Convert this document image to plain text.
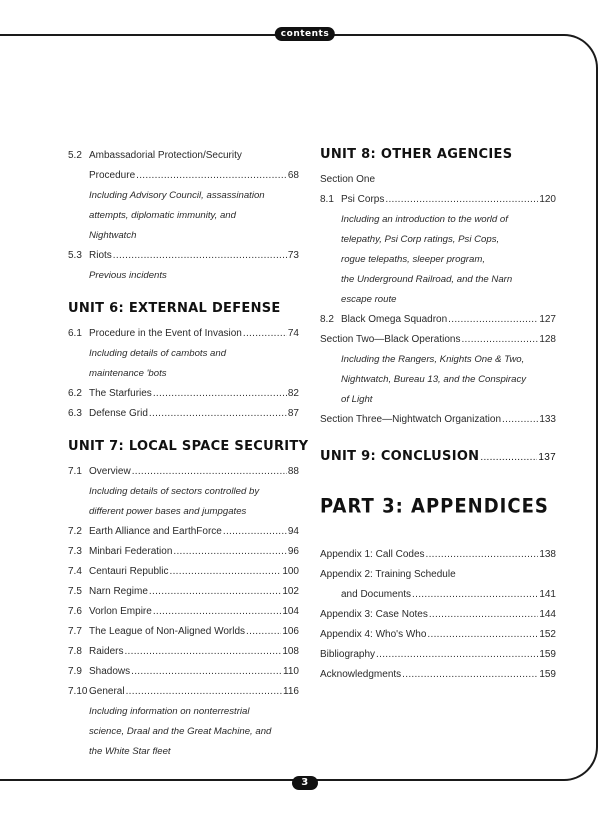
contents
5.2 Ambassadorial Protection/Security
Procedure .....	68
Including Advisory Council, assassination
attempts, diplomatic immunity, and
Nightwatch
5.3 Riots .....	73
Previous incidents
UNIT 6: EXTERNAL DEFENSE
6.1 Procedure in the Event of Invasion .....	74
Including details of cambots and
maintenance 'bots
6.2 The Starfuries .....	82
6.3 Defense Grid .....	87
UNIT 7: LOCAL SPACE SECURITY
7.1 Overview .....	88
Including details of sectors controlled by
different power bases and jumpgates
7.2 Earth Alliance and EarthForce .....	94
7.3 Minbari Federation .....	96
7.4 Centauri Republic .....	100
7.5 Narn Regime .....	102
7.6 Vorlon Empire .....	104
7.7 The League of Non-Aligned Worlds .....	106
7.8 Raiders .....	108
7.9 Shadows .....	110
7.10 General .....	116
Including information on nonterrestrial
science, Draal and the Great Machine, and
the White Star fleet
UNIT 8: OTHER AGENCIES
Section One
8.1 Psi Corps .....	120
Including an introduction to the world of
telepathy, Psi Corp ratings, Psi Cops,
rogue telepaths, sleeper program,
the Underground Railroad, and the Narn
escape route
8.2 Black Omega Squadron .....	127
Section Two—Black Operations .....	128
Including the Rangers, Knights One & Two,
Nightwatch, Bureau 13, and the Conspiracy
of Light
Section Three—Nightwatch Organization .....	133
UNIT 9: CONCLUSION .....	137
PART 3: APPENDICES
Appendix 1: Call Codes .....	138
Appendix 2: Training Schedule
and Documents .....	141
Appendix 3: Case Notes .....	144
Appendix 4: Who's Who .....	152
Bibliography .....	159
Acknowledgments .....	159
3
